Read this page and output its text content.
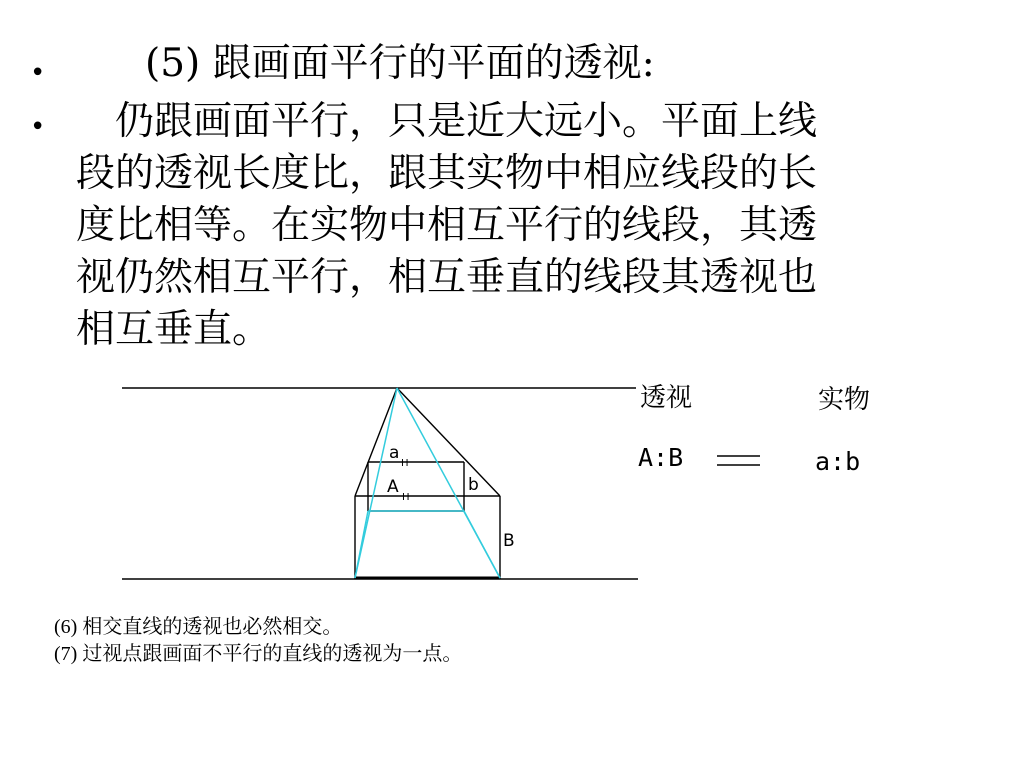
•	(5) 跟画面平行的平面的透视:
• 　仍跟画面平行，只是近大远小。平面上线
段的透视长度比，跟其实物中相应线段的长
度比相等。在实物中相互平行的线段，其透
视仍然相互平行，相互垂直的线段其透视也
相互垂直。

a
H
A
H
b
B
透视	实物
A:B	a:b
(6) 相交直线的透视也必然相交。
(7) 过视点跟画面不平行的直线的透视为一点。
